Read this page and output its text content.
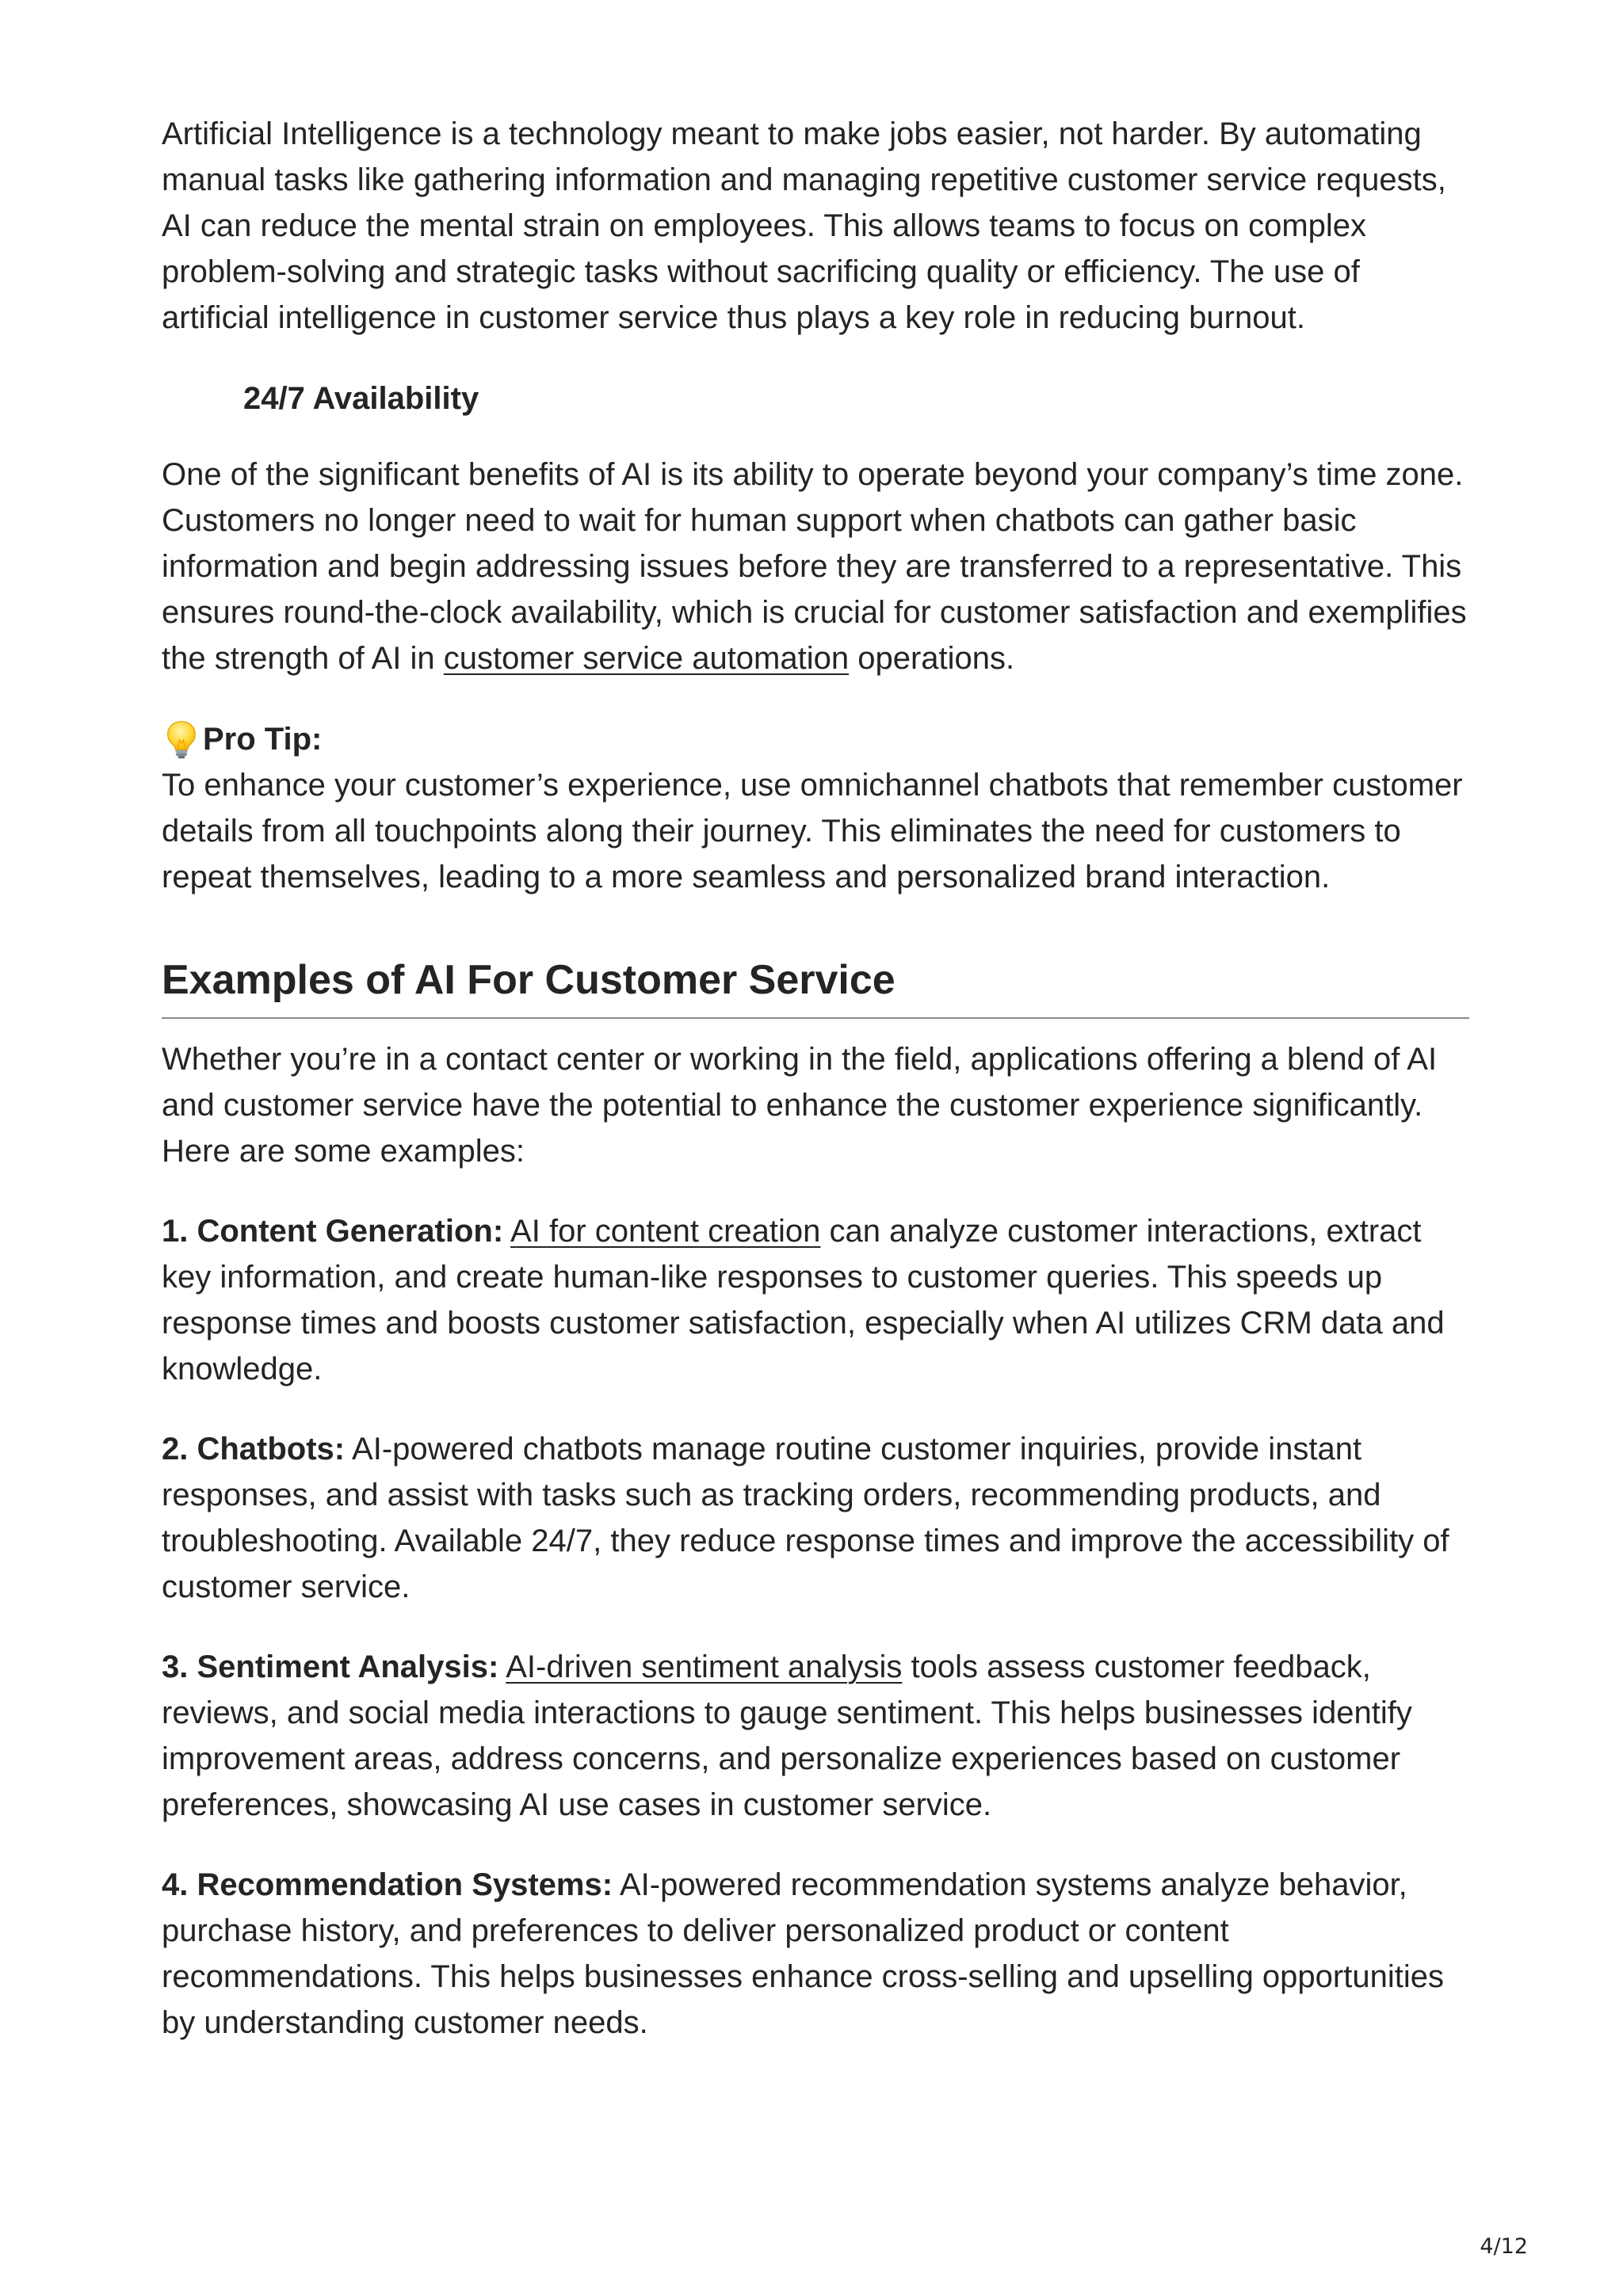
Artificial Intelligence is a technology meant to make jobs easier, not harder. By automating manual tasks like gathering information and managing repetitive customer service requests, AI can reduce the mental strain on employees. This allows teams to focus on complex problem-solving and strategic tasks without sacrificing quality or efficiency. The use of artificial intelligence in customer service thus plays a key role in reducing burnout.

24/7 Availability

One of the significant benefits of AI is its ability to operate beyond your company’s time zone. Customers no longer need to wait for human support when chatbots can gather basic information and begin addressing issues before they are transferred to a representative. This ensures round-the-clock availability, which is crucial for customer satisfaction and exemplifies the strength of AI in customer service automation operations.

Pro Tip:

To enhance your customer’s experience, use omnichannel chatbots that remember customer details from all touchpoints along their journey. This eliminates the need for customers to repeat themselves, leading to a more seamless and personalized brand interaction.

Examples of AI For Customer Service

Whether you’re in a contact center or working in the field, applications offering a blend of AI and customer service have the potential to enhance the customer experience significantly. Here are some examples:

1. Content Generation: AI for content creation can analyze customer interactions, extract key information, and create human-like responses to customer queries. This speeds up response times and boosts customer satisfaction, especially when AI utilizes CRM data and knowledge.

2. Chatbots: AI-powered chatbots manage routine customer inquiries, provide instant responses, and assist with tasks such as tracking orders, recommending products, and troubleshooting. Available 24/7, they reduce response times and improve the accessibility of customer service.

3. Sentiment Analysis: AI-driven sentiment analysis tools assess customer feedback, reviews, and social media interactions to gauge sentiment. This helps businesses identify improvement areas, address concerns, and personalize experiences based on customer preferences, showcasing AI use cases in customer service.

4. Recommendation Systems: AI-powered recommendation systems analyze behavior, purchase history, and preferences to deliver personalized product or content recommendations. This helps businesses enhance cross-selling and upselling opportunities by understanding customer needs.

4/12
